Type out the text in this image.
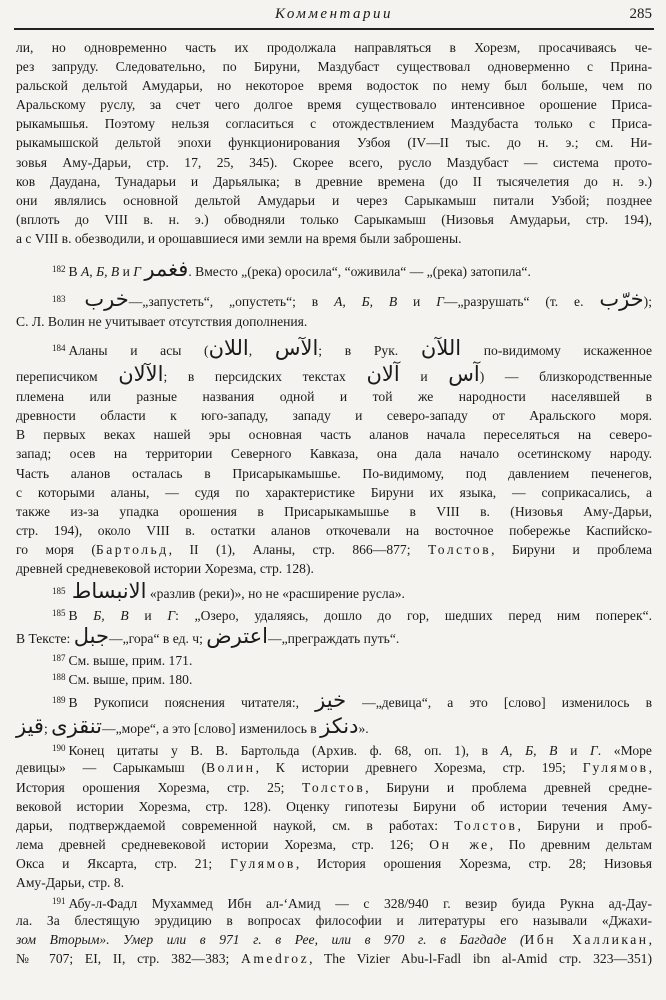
Комментарии	285
ли, но одновременно часть их продолжала направляться в Хорезм, просачиваясь че-
рез запруду. Следовательно, по Бируни, Маздубаст существовал одноверменно с Прина-
ральской дельтой Амударьи, но некоторое время водосток по нему был больше, чем по
Аральскому руслу, за счет чего долгое время существовало интенсивное орошение Приса-
рыкамышья. Поэтому нельзя согласиться с отождествлением Маздубаста только с Приса-
рыкамышской дельтой эпохи функционирования Узбоя (IV—II тыс. до н. э.; см. Ни-
зовья Аму-Дарьи, стр. 17, 25, 345). Скорее всего, русло Маздубаст — система прото-
ков Даудана, Тунадарьи и Дарьялыка; в древние времена (до II тысячелетия до н. э.)
они являлись основной дельтой Амударьи и через Сарыкамыш питали Узбой; позднее
(вплоть до VIII в. н. э.) обводняли только Сарыкамыш (Низовья Амударьи, стр. 194),
а с VIII в. обезводили, и орошавшиеся ими земли на время были заброшены.
$^{182}$ В А, Б, В и Г فغمر. Вместо „(река) оросила“, “оживила“ — „(река) затопила“.
$^{183}$ خرب—„запустеть“, „опустеть“; в А, Б, В и Г—„разрушать“ (т. е. خرّب);
С. Л. Волин не учитывает отсутствия дополнения.
$^{184}$ Аланы и асы (اللان, الآس; в Рук. اللآن по-видимому искаженное
переписчиком الآلان; в персидских текстах آلان и آس) — близкородственные
племена или разные названия одной и той же народности населявшей в
древности области к юго-западу, западу и северо-западу от Аральского моря.
В первых веках нашей эры основная часть аланов начала переселяться на северо-
запад; осев на территории Северного Кавказа, она дала начало осетинскому народу.
Часть аланов осталась в Присарыкамышье. По-видимому, под давлением печенегов,
с которыми аланы, — судя по характеристике Бируни их языка, — соприкасались, а
также из-за упадка орошения в Присарыкамышье в VIII в. (Низовья Аму-Дарьи,
стр. 194), около VIII в. остатки аланов откочевали на восточное побережье Каспийско-
го моря (Бартольд, II (1), Аланы, стр. 866—877; Толстов, Бируни и проблема
древней средневековой истории Хорезма, стр. 128).
$^{185}$ الانبساط «разлив (реки)», но не «расширение русла».
$^{185}$ В Б, В и Г: „Озеро, удаляясь, дошло до гор, шедших перед ним поперек“.
В Тексте: جبل—„гора“ в ед. ч; اعترض—„преграждать путь“.
$^{187}$ См. выше, прим. 171.
$^{188}$ См. выше, прим. 180.
$^{189}$ В Рукописи пояснения читателя:, خيز —„девица“, а это [слово] изменилось в
قيز; تنقزى—„море“, а это [слово] изменилось в دنكز».
$^{190}$ Конец цитаты у В. В. Бартольда (Архив. ф. 68, оп. 1), в А, Б, В и Г. «Море
девицы» — Сарыкамыш (Волин, К истории древнего Хорезма, стр. 195; Гулямов,
История орошения Хорезма, стр. 25; Толстов, Бируни и проблема древней средне-
вековой истории Хорезма, стр. 128). Оценку гипотезы Бируни об истории течения Аму-
дарьи, подтверждаемой современной наукой, см. в работах: Толстов, Бируни и проб-
лема древней средневековой истории Хорезма, стр. 126; Он же, По древним дельтам
Окса и Яксарта, стр. 21; Гулямов, История орошения Хорезма, стр. 28; Низовья
Аму-Дарьи, стр. 8.
$^{191}$ Абу-л-Фадл Мухаммед Ибн ал-‘Амид — с 328/940 г. везир буида Рукна ад-Дау-
ла. За блестящую эрудицию в вопросах философии и литературы его называли «Джахи-
зом Вторым». Умер или в 971 г. в Рее, или в 970 г. в Багдаде (Ибн Халликан,
№ 707; EI, II, стр. 382—383; Amedroz, The Vizier Abu-l-Fadl ibn al-Amid стр. 323—351)
